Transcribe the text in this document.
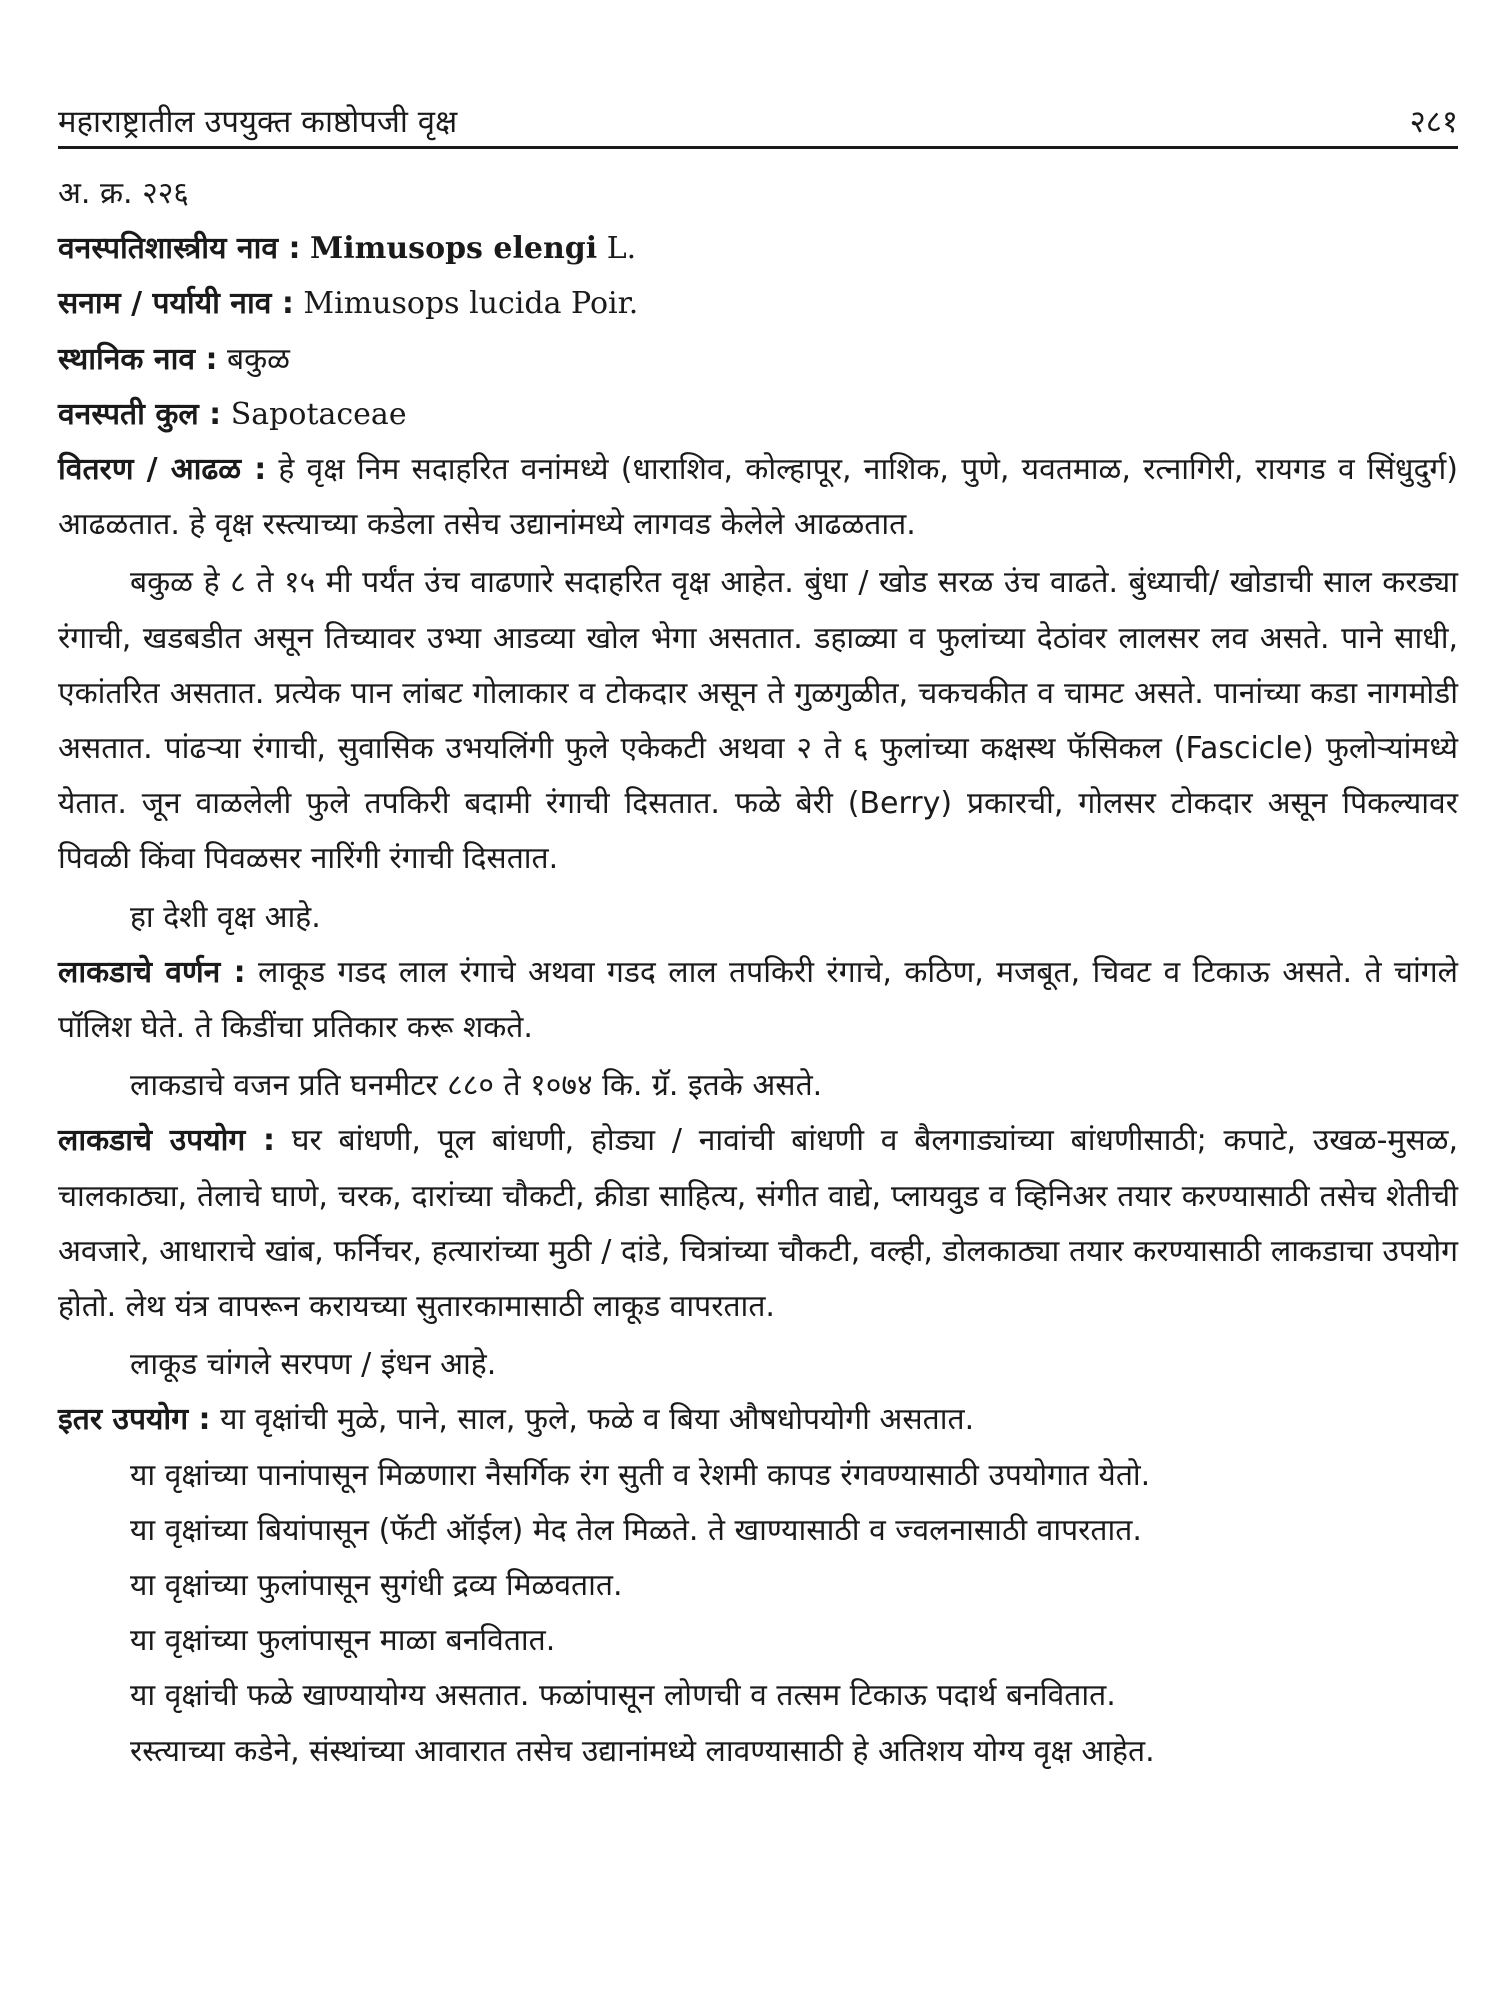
महाराष्ट्रातील उपयुक्त काष्ठोपजी वृक्ष	२८१

अ. क्र. २२६

वनस्पतिशास्त्रीय नाव : Mimusops elengi L.

सनाम / पर्यायी नाव : Mimusops lucida Poir.

स्थानिक नाव : बकुळ

वनस्पती कुल : Sapotaceae

वितरण / आढळ : हे वृक्ष निम सदाहरित वनांमध्ये (धाराशिव, कोल्हापूर, नाशिक, पुणे, यवतमाळ, रत्नागिरी, रायगड व सिंधुदुर्ग) आढळतात. हे वृक्ष रस्त्याच्या कडेला तसेच उद्यानांमध्ये लागवड केलेले आढळतात.

बकुळ हे ८ ते १५ मी पर्यंत उंच वाढणारे सदाहरित वृक्ष आहेत. बुंधा / खोड सरळ उंच वाढते. बुंध्याची/ खोडाची साल करड्या रंगाची, खडबडीत असून तिच्यावर उभ्या आडव्या खोल भेगा असतात. डहाळ्या व फुलांच्या देठांवर लालसर लव असते. पाने साधी, एकांतरित असतात. प्रत्येक पान लांबट गोलाकार व टोकदार असून ते गुळगुळीत, चकचकीत व चामट असते. पानांच्या कडा नागमोडी असतात. पांढऱ्या रंगाची, सुवासिक उभयलिंगी फुले एकेकटी अथवा २ ते ६ फुलांच्या कक्षस्थ फॅसिकल (Fascicle) फुलोऱ्यांमध्ये येतात. जून वाळलेली फुले तपकिरी बदामी रंगाची दिसतात. फळे बेरी (Berry) प्रकारची, गोलसर टोकदार असून पिकल्यावर पिवळी किंवा पिवळसर नारिंगी रंगाची दिसतात.

हा देशी वृक्ष आहे.

लाकडाचे वर्णन : लाकूड गडद लाल रंगाचे अथवा गडद लाल तपकिरी रंगाचे, कठिण, मजबूत, चिवट व टिकाऊ असते. ते चांगले पॉलिश घेते. ते किडींचा प्रतिकार करू शकते.

लाकडाचे वजन प्रति घनमीटर ८८० ते १०७४ कि. ग्रॅ. इतके असते.

लाकडाचे उपयोग : घर बांधणी, पूल बांधणी, होड्या / नावांची बांधणी व बैलगाड्यांच्या बांधणीसाठी; कपाटे, उखळ-मुसळ, चालकाठ्या, तेलाचे घाणे, चरक, दारांच्या चौकटी, क्रीडा साहित्य, संगीत वाद्ये, प्लायवुड व व्हिनिअर तयार करण्यासाठी तसेच शेतीची अवजारे, आधाराचे खांब, फर्निचर, हत्यारांच्या मुठी / दांडे, चित्रांच्या चौकटी, वल्ही, डोलकाठ्या तयार करण्यासाठी लाकडाचा उपयोग होतो. लेथ यंत्र वापरून करायच्या सुतारकामासाठी लाकूड वापरतात.

लाकूड चांगले सरपण / इंधन आहे.

इतर उपयोग : या वृक्षांची मुळे, पाने, साल, फुले, फळे व बिया औषधोपयोगी असतात.

या वृक्षांच्या पानांपासून मिळणारा नैसर्गिक रंग सुती व रेशमी कापड रंगवण्यासाठी उपयोगात येतो.

या वृक्षांच्या बियांपासून (फॅटी ऑईल) मेद तेल मिळते. ते खाण्यासाठी व ज्वलनासाठी वापरतात.

या वृक्षांच्या फुलांपासून सुगंधी द्रव्य मिळवतात.

या वृक्षांच्या फुलांपासून माळा बनवितात.

या वृक्षांची फळे खाण्यायोग्य असतात. फळांपासून लोणची व तत्सम टिकाऊ पदार्थ बनवितात.

रस्त्याच्या कडेने, संस्थांच्या आवारात तसेच उद्यानांमध्ये लावण्यासाठी हे अतिशय योग्य वृक्ष आहेत.
